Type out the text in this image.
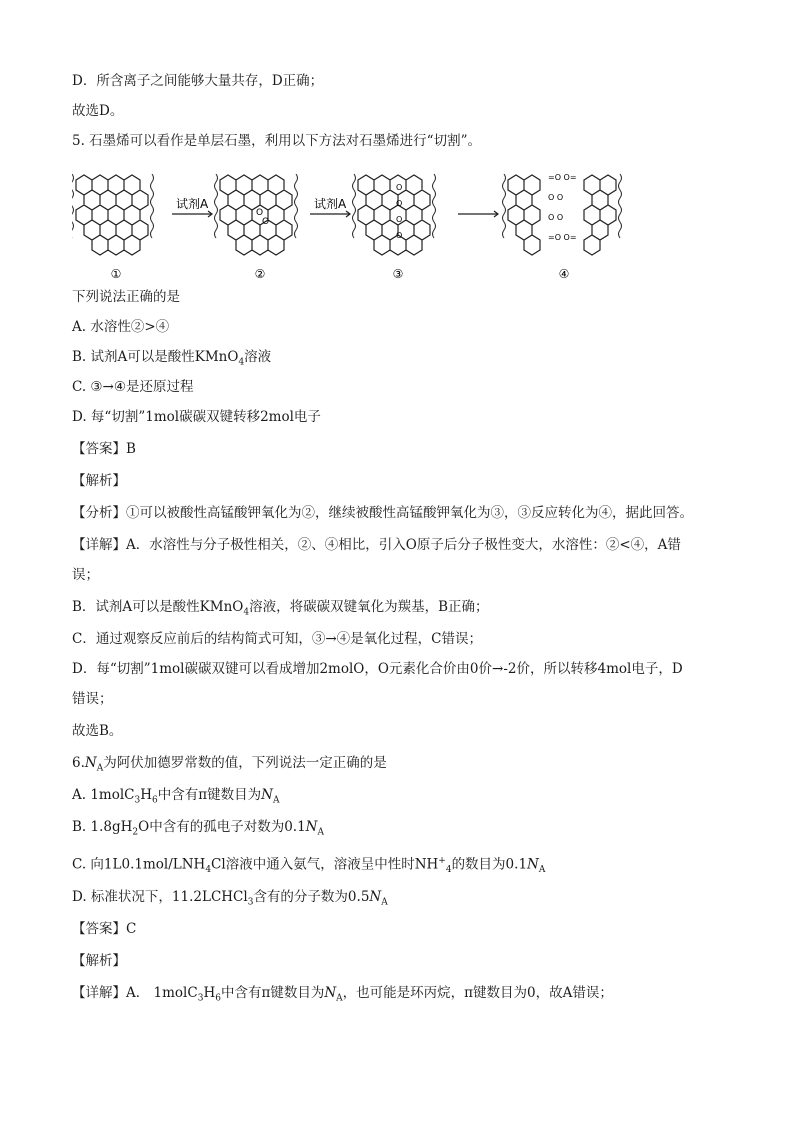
D．所含离子之间能够大量共存，D正确；
故选D。
5. 石墨烯可以看作是单层石墨，利用以下方法对石墨烯进行“切割”。
①
试剂A
O
O
②
试剂A
O
O
O
O
③
=O O=
O O
O O
=O O=
④
下列说法正确的是
A. 水溶性②>④
B. 试剂A可以是酸性KMnO$_4$溶液
C. ③→④是还原过程
D. 每“切割”1mol碳碳双键转移2mol电子
【答案】B
【解析】
【分析】①可以被酸性高锰酸钾氧化为②，继续被酸性高锰酸钾氧化为③，③反应转化为④，据此回答。
【详解】A．水溶性与分子极性相关，②、④相比，引入O原子后分子极性变大，水溶性：②<④，A错
误；
B．试剂A可以是酸性KMnO$_4$溶液，将碳碳双键氧化为羰基，B正确；
C．通过观察反应前后的结构简式可知，③→④是氧化过程，C错误；
D．每“切割”1mol碳碳双键可以看成增加2molO，O元素化合价由0价→-2价，所以转移4mol电子，D
错误；
故选B。
$6.N_A$为阿伏加德罗常数的值，下列说法一定正确的是
A. $1molC_3H_6$中含有π键数目为$N_A$
B. $1.8gH_2O$中含有的孤电子对数为$0.1N_A$
C. 向$1L0.1mol/LNH_4Cl$溶液中通入氨气，溶液呈中性时$NH^+_4$的数目为$0.1N_A$
D. 标准状况下，11.2LCHCl$_3$含有的分子数为$0.5N_A$
【答案】C
【解析】
【详解】A． $1molC_3H_6$中含有π键数目为$N_A$，也可能是环丙烷，π键数目为0，故A错误；
